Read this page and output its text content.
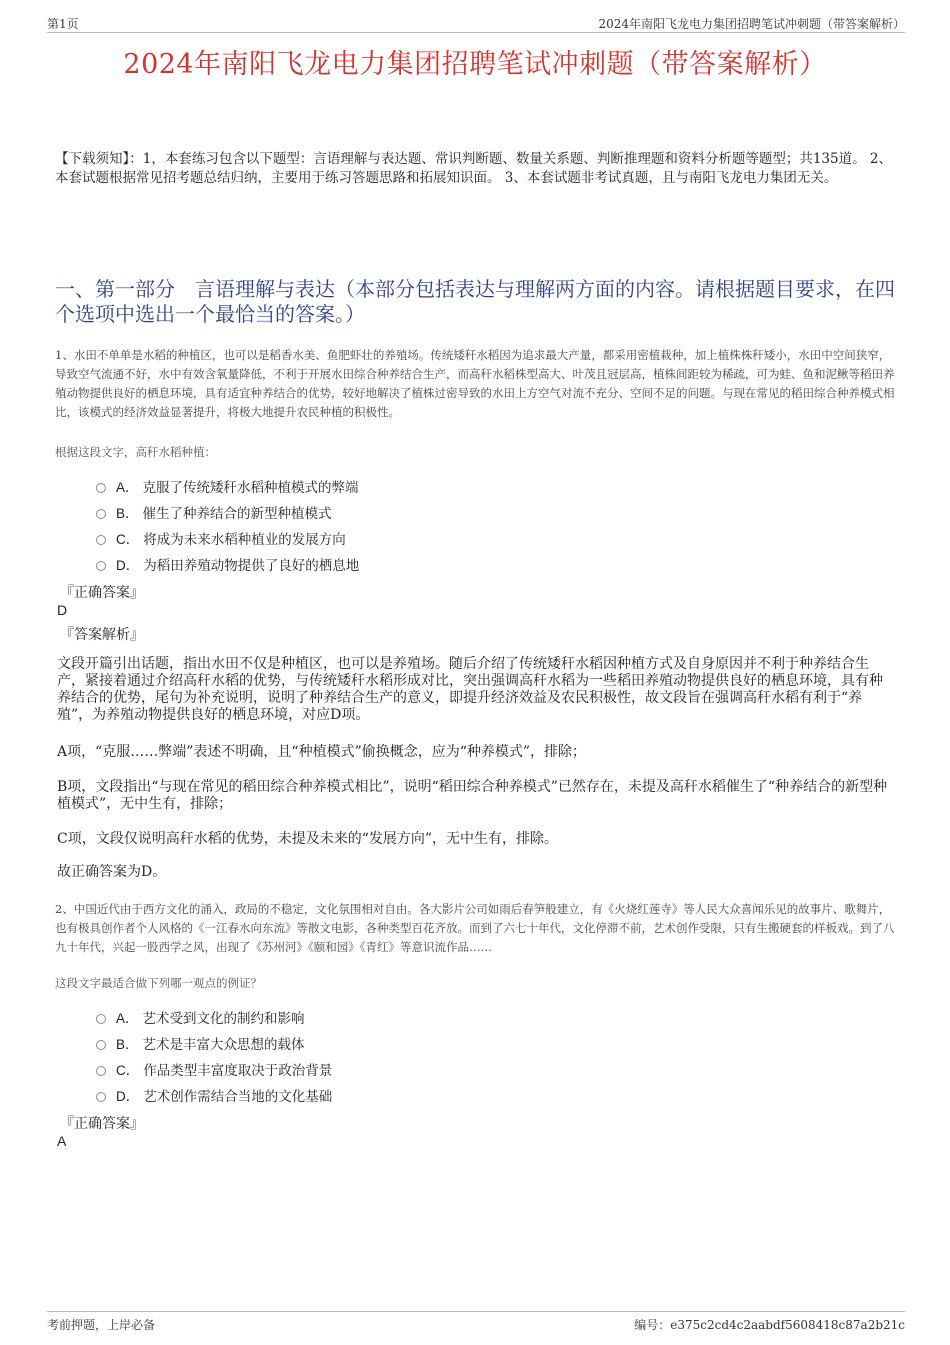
第1页	2024年南阳飞龙电力集团招聘笔试冲刺题（带答案解析）
2024年南阳飞龙电力集团招聘笔试冲刺题（带答案解析）
【下载须知】：1，本套练习包含以下题型：言语理解与表达题、常识判断题、数量关系题、判断推理题和资料分析题等题型；共135道。 2、本套试题根据常见招考题总结归纳，主要用于练习答题思路和拓展知识面。 3、本套试题非考试真题，且与南阳飞龙电力集团无关。
一、第一部分　言语理解与表达（本部分包括表达与理解两方面的内容。请根据题目要求，在四个选项中选出一个最恰当的答案。）
1、水田不单单是水稻的种植区，也可以是稻香水美、鱼肥虾壮的养殖场。传统矮秆水稻因为追求最大产量，都采用密植栽种，加上植株株秆矮小，水田中空间狭窄，导致空气流通不好，水中有效含氧量降低，不利于开展水田综合种养结合生产，而高秆水稻株型高大、叶茂且冠层高，植株间距较为稀疏，可为蛙、鱼和泥鳅等稻田养殖动物提供良好的栖息环境，具有适宜种养结合的优势，较好地解决了植株过密导致的水田上方空气对流不充分、空间不足的问题。与现在常见的稻田综合种养模式相比，该模式的经济效益显著提升，将极大地提升农民种植的积极性。
根据这段文字，高秆水稻种植：
A． 克服了传统矮秆水稻种植模式的弊端
B． 催生了种养结合的新型种植模式
C． 将成为未来水稻种植业的发展方向
D． 为稻田养殖动物提供了良好的栖息地
『正确答案』
D
『答案解析』
文段开篇引出话题，指出水田不仅是种植区，也可以是养殖场。随后介绍了传统矮秆水稻因种植方式及自身原因并不利于种养结合生产，紧接着通过介绍高秆水稻的优势，与传统矮秆水稻形成对比，突出强调高秆水稻为一些稻田养殖动物提供良好的栖息环境，具有种养结合的优势，尾句为补充说明，说明了种养结合生产的意义，即提升经济效益及农民积极性，故文段旨在强调高秆水稻有利于“养殖”，为养殖动物提供良好的栖息环境，对应D项。
A项，“克服……弊端”表述不明确，且“种植模式”偷换概念，应为“种养模式”，排除；
B项，文段指出“与现在常见的稻田综合种养模式相比”，说明“稻田综合种养模式”已然存在，未提及高秆水稻催生了“种养结合的新型种植模式”，无中生有，排除；
C项，文段仅说明高秆水稻的优势，未提及未来的“发展方向”，无中生有，排除。
故正确答案为D。
2、中国近代由于西方文化的涌入，政局的不稳定，文化氛围相对自由。各大影片公司如雨后春笋般建立，有《火烧红莲寺》等人民大众喜闻乐见的故事片、歌舞片，也有极具创作者个人风格的《一江春水向东流》等散文电影，各种类型百花齐放。而到了六七十年代，文化停滞不前，艺术创作受限，只有生搬硬套的样板戏。到了八九十年代，兴起一股西学之风，出现了《苏州河》《颐和园》《青红》等意识流作品……
这段文字最适合做下列哪一观点的例证？
A． 艺术受到文化的制约和影响
B． 艺术是丰富大众思想的载体
C． 作品类型丰富度取决于政治背景
D． 艺术创作需结合当地的文化基础
『正确答案』
A
考前押题，上岸必备	编号：e375c2cd4c2aabdf5608418c87a2b21c
